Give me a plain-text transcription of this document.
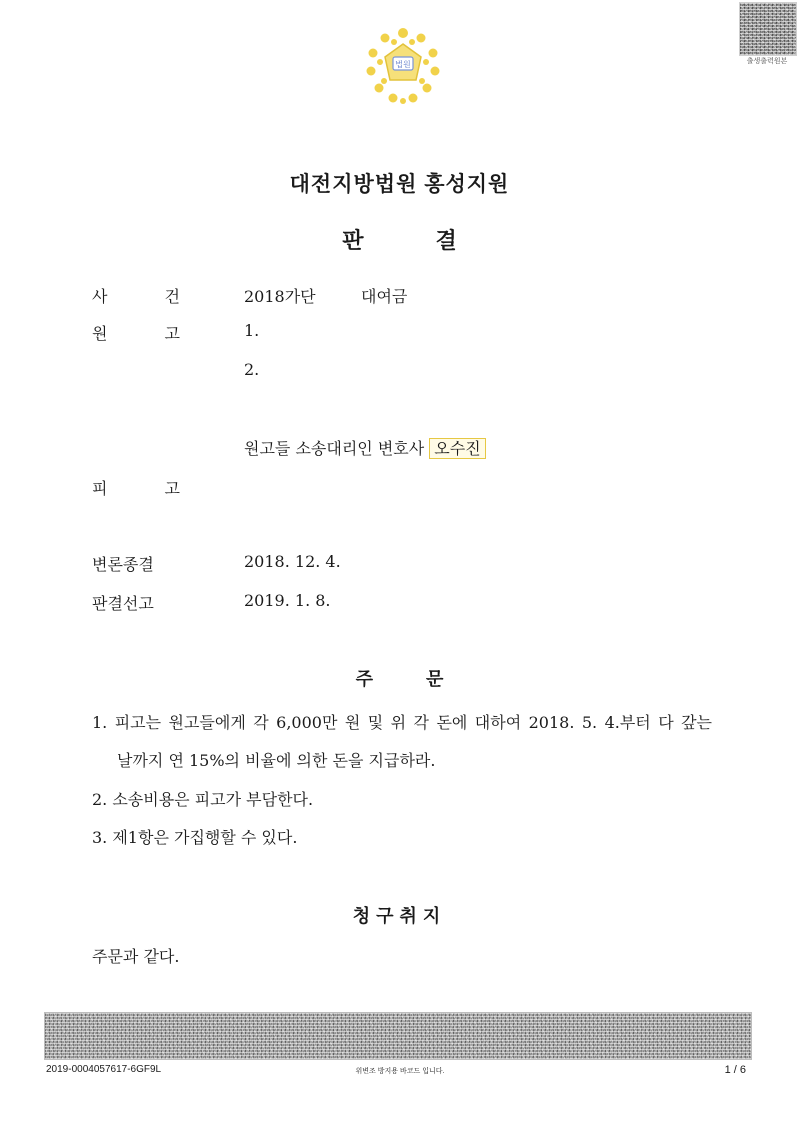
출생출력원본
법원
대전지방법원 홍성지원
판 결
사 건	2018가단	대여금
원 고	1.
2.
원고들 소송대리인 변호사 오수진
피 고
변론종결	2018. 12. 4.
판결선고	2019. 1. 8.
주 문
1. 피고는 원고들에게 각 6,000만 원 및 위 각 돈에 대하여 2018. 5. 4.부터 다 갚는
날까지 연 15%의 비율에 의한 돈을 지급하라.
2. 소송비용은 피고가 부담한다.
3. 제1항은 가집행할 수 있다.
청구취지
주문과 같다.
2019-0004057617-6GF9L	위변조 방지용 바코드 입니다.	1 / 6
